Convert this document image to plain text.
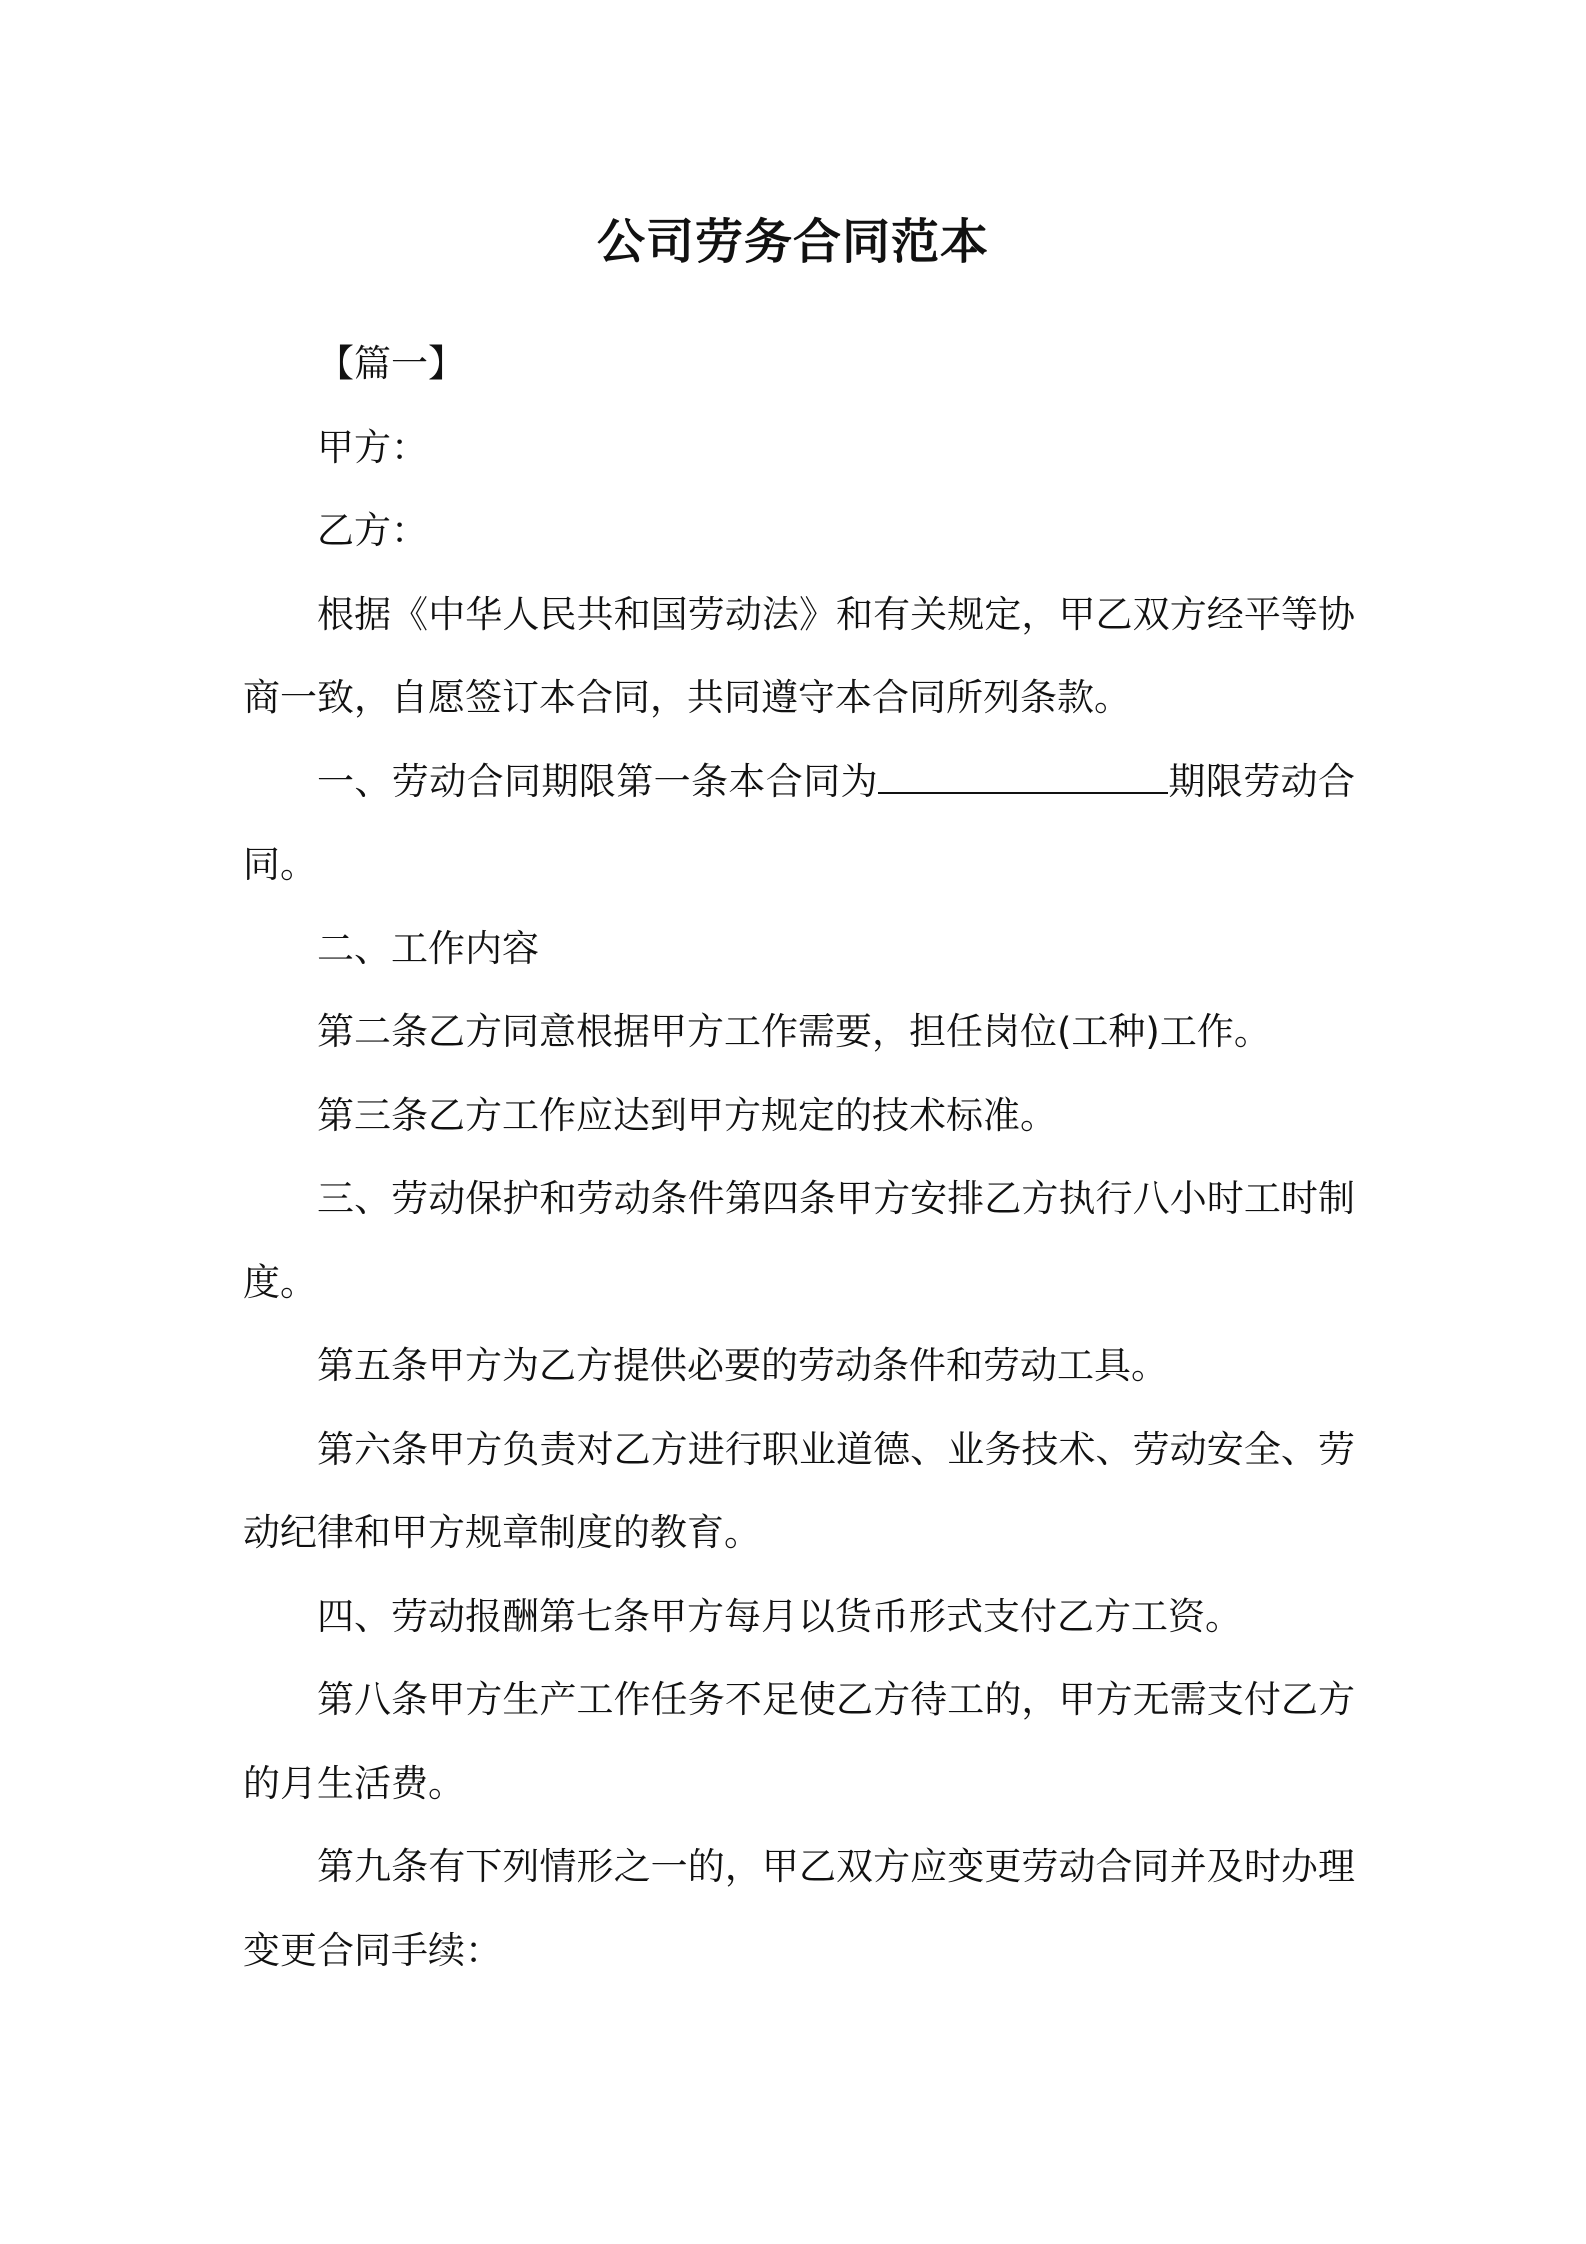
公司劳务合同范本

【篇一】

甲方：

乙方：

根据《中华人民共和国劳动法》和有关规定，甲乙双方经平等协商一致，自愿签订本合同，共同遵守本合同所列条款。

一、劳动合同期限第一条本合同为	期限劳动合同。

二、工作内容

第二条乙方同意根据甲方工作需要，担任岗位(工种)工作。

第三条乙方工作应达到甲方规定的技术标准。

三、劳动保护和劳动条件第四条甲方安排乙方执行八小时工时制度。

第五条甲方为乙方提供必要的劳动条件和劳动工具。

第六条甲方负责对乙方进行职业道德、业务技术、劳动安全、劳动纪律和甲方规章制度的教育。

四、劳动报酬第七条甲方每月以货币形式支付乙方工资。

第八条甲方生产工作任务不足使乙方待工的，甲方无需支付乙方的月生活费。

第九条有下列情形之一的，甲乙双方应变更劳动合同并及时办理变更合同手续：
